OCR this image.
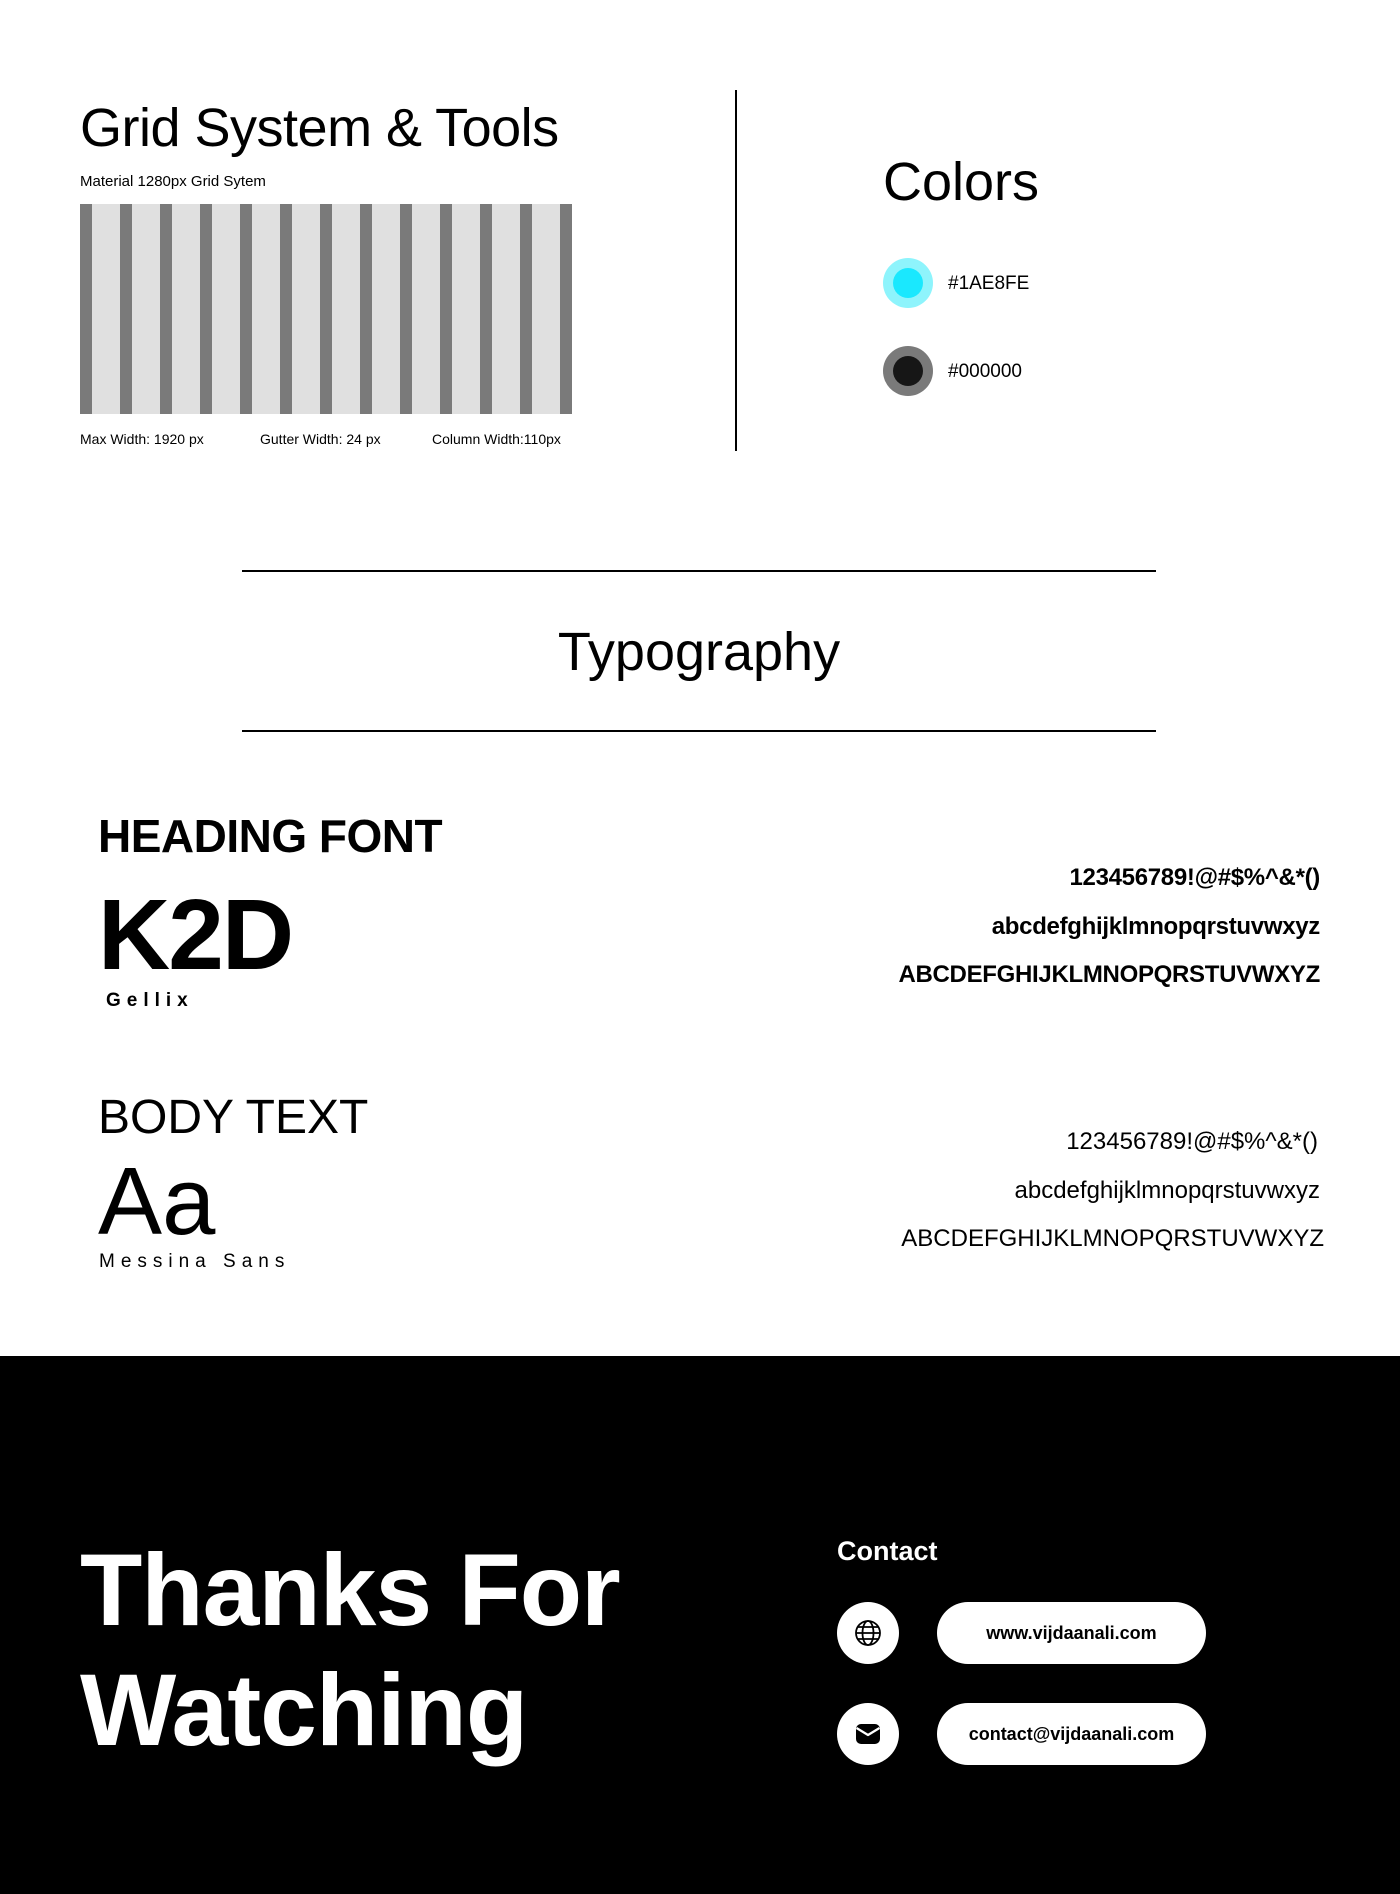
Grid System & Tools
Material 1280px Grid Sytem
Max Width: 1920 px	Gutter Width: 24 px	Column Width:110px
Colors
#1AE8FE
#000000
Typography
HEADING FONT
K2D
Gellix
123456789!@#$%^&*()
abcdefghijklmnopqrstuvwxyz
ABCDEFGHIJKLMNOPQRSTUVWXYZ
BODY TEXT
Aa
Messina Sans
123456789!@#$%^&*()
abcdefghijklmnopqrstuvwxyz
ABCDEFGHIJKLMNOPQRSTUVWXYZ
Thanks For
Watching
Contact
www.vijdaanali.com
contact@vijdaanali.com
